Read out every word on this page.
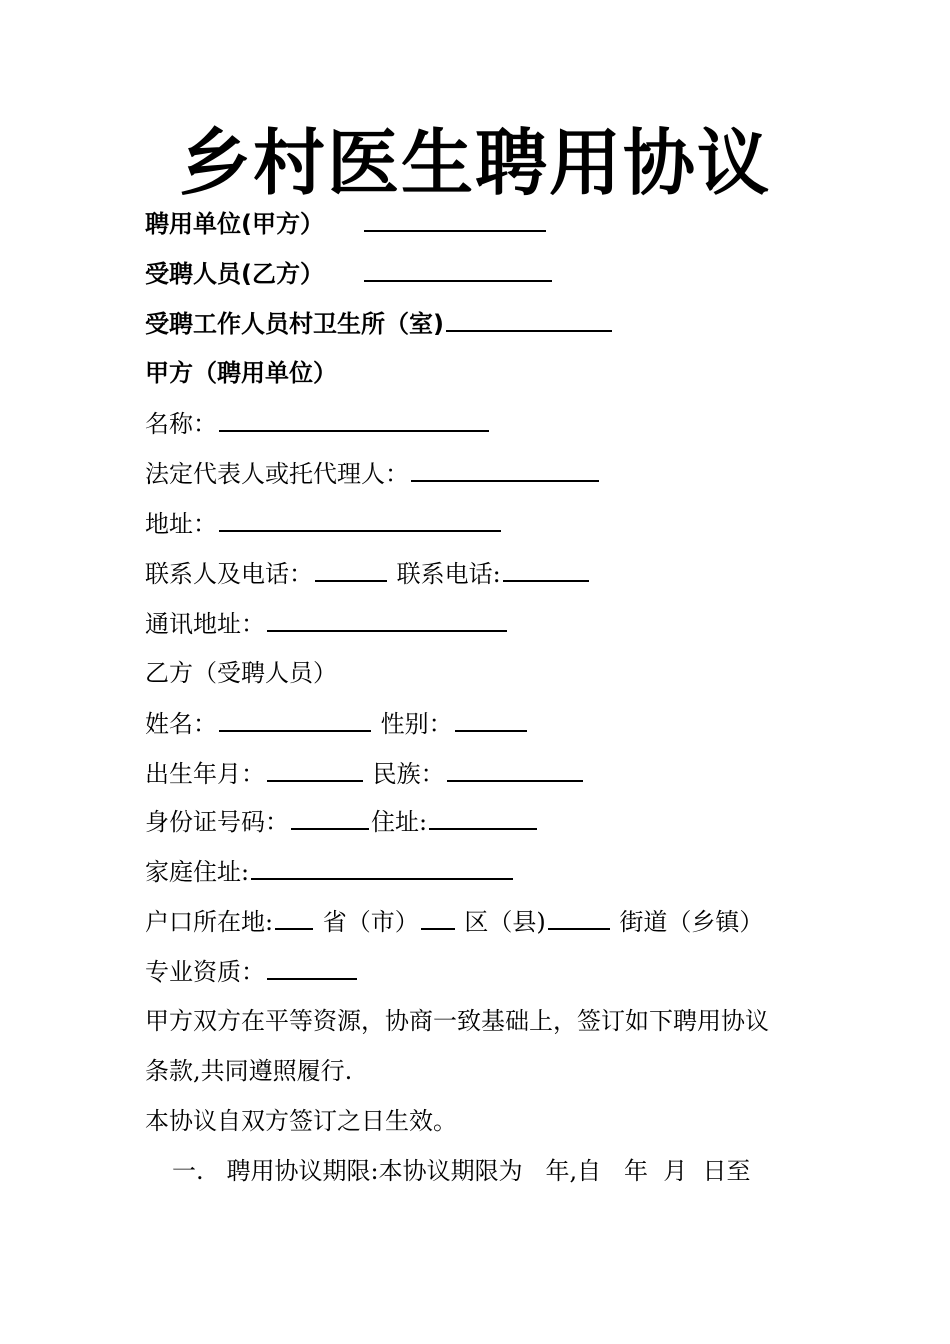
乡村医生聘用协议
聘用单位(甲方）
受聘人员(乙方）
受聘工作人员村卫生所（室)
甲方（聘用单位）
名称：
法定代表人或托代理人：
地址：
联系人及电话：	联系电话:
通讯地址：
乙方（受聘人员）
姓名：	性别：
出生年月：	民族：
身份证号码：	住址:
家庭住址:
户口所在地: 省（市） 区（县)	街道（乡镇）
专业资质：
甲方双方在平等资源，协商一致基础上，签订如下聘用协议
条款,共同遵照履行.
本协议自双方签订之日生效。
一.   聘用协议期限:本协议期限为   年,自   年  月  日至
